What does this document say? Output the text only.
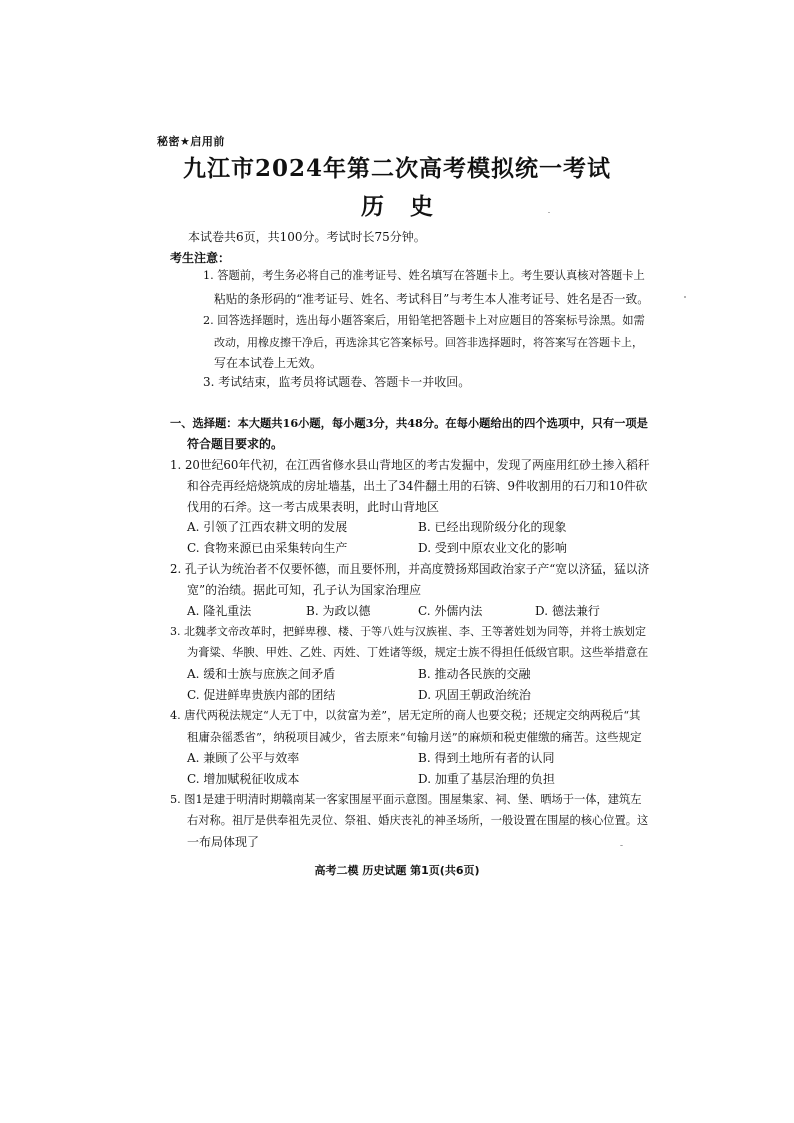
秘密★启用前
九江市2024年第二次高考模拟统一考试
历史
本试卷共6页，共100分。考试时长75分钟。
考生注意：
1. 答题前，考生务必将自己的准考证号、姓名填写在答题卡上。考生要认真核对答题卡上
粘贴的条形码的“准考证号、姓名、考试科目”与考生本人准考证号、姓名是否一致。
2. 回答选择题时，选出每小题答案后，用铅笔把答题卡上对应题目的答案标号涂黑。如需
改动，用橡皮擦干净后，再选涂其它答案标号。回答非选择题时，将答案写在答题卡上，
写在本试卷上无效。
3. 考试结束，监考员将试题卷、答题卡一并收回。
一、选择题：本大题共16小题，每小题3分，共48分。在每小题给出的四个选项中，只有一项是
符合题目要求的。
1. 20世纪60年代初，在江西省修水县山背地区的考古发掘中，发现了两座用红砂土掺入稻秆
和谷壳再经焙烧筑成的房址墙基，出土了34件翻土用的石锛、9件收割用的石刀和10件砍
伐用的石斧。这一考古成果表明，此时山背地区
A. 引领了江西农耕文明的发展	B. 已经出现阶级分化的现象
C. 食物来源已由采集转向生产	D. 受到中原农业文化的影响
2. 孔子认为统治者不仅要怀德，而且要怀刑，并高度赞扬郑国政治家子产“宽以济猛，猛以济
宽”的治绩。据此可知，孔子认为国家治理应
A. 隆礼重法	B. 为政以德	C. 外儒内法	D. 德法兼行
3. 北魏孝文帝改革时，把鲜卑穆、楼、于等八姓与汉族崔、李、王等著姓划为同等，并将士族划定
为膏粱、华腴、甲姓、乙姓、丙姓、丁姓诸等级，规定士族不得担任低级官职。这些举措意在
A. 缓和士族与庶族之间矛盾	B. 推动各民族的交融
C. 促进鲜卑贵族内部的团结	D. 巩固王朝政治统治
4. 唐代两税法规定“人无丁中，以贫富为差”，居无定所的商人也要交税；还规定交纳两税后“其
租庸杂徭悉省”，纳税项目减少，省去原来“旬输月送”的麻烦和税吏催缴的痛苦。这些规定
A. 兼顾了公平与效率	B. 得到土地所有者的认同
C. 增加赋税征收成本	D. 加重了基层治理的负担
5. 图1是建于明清时期赣南某一客家围屋平面示意图。围屋集家、祠、堡、晒场于一体，建筑左
右对称。祖厅是供奉祖先灵位、祭祖、婚庆丧礼的神圣场所，一般设置在围屋的核心位置。这
一布局体现了
高考二模 历史试题 第1页(共6页)
